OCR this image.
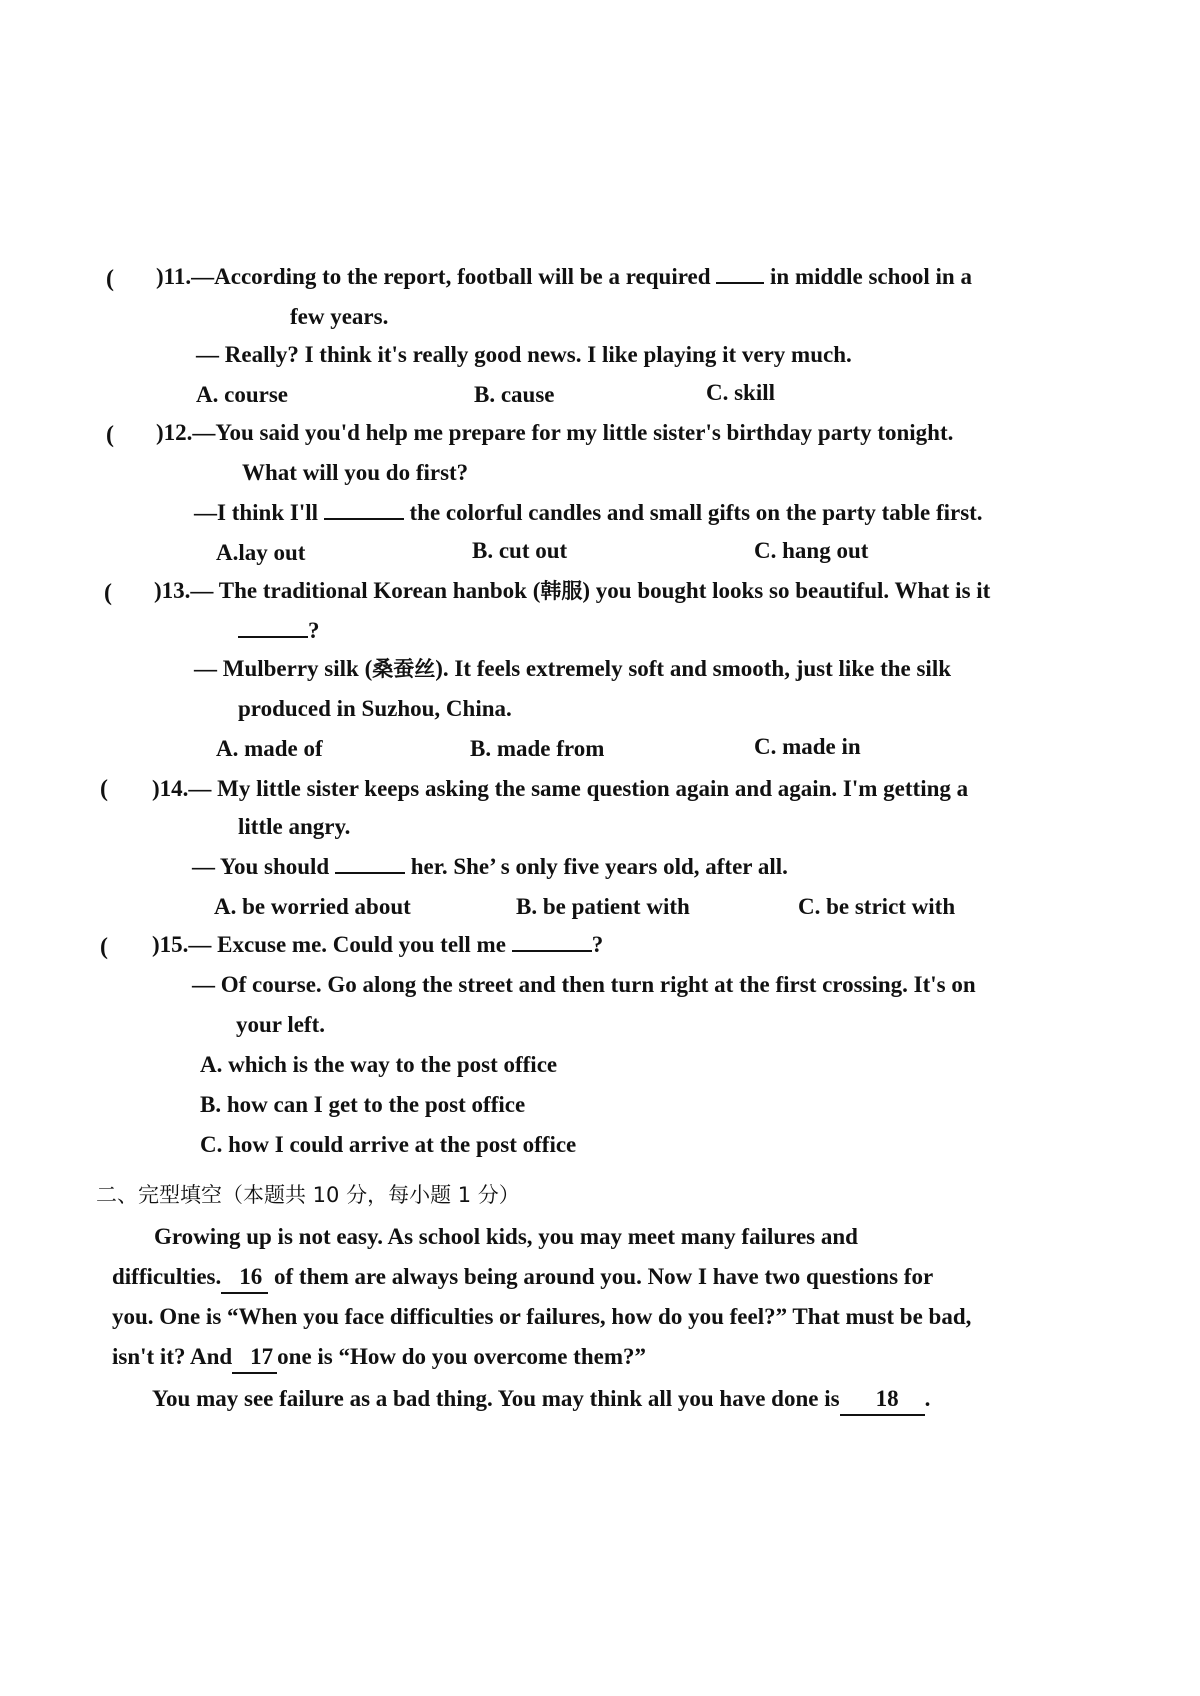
( )11.—According to the report, football will be a required	in middle school in a
few years.
— Really? I think it's really good news. I like playing it very much.
A. course	B. cause	C. skill
( )12.—You said you'd help me prepare for my little sister's birthday party tonight.
What will you do first?
—I think I'll	the colorful candles and small gifts on the party table first.
A.lay out	B. cut out	C. hang out
( )13.— The traditional Korean hanbok (韩服) you bought looks so beautiful. What is it
?
— Mulberry silk (桑蚕丝). It feels extremely soft and smooth, just like the silk
produced in Suzhou, China.
A. made of	B. made from	C. made in
( )14.— My little sister keeps asking the same question again and again. I'm getting a
little angry.
— You should	her. She’ s only five years old, after all.
A. be worried about	B. be patient with	C. be strict with
( )15.— Excuse me. Could you tell me	?
— Of course. Go along the street and then turn right at the first crossing. It's on
your left.
A. which is the way to the post office
B. how can I get to the post office
C. how I could arrive at the post office
二、完型填空（本题共 10 分，每小题 1 分）
Growing up is not easy. As school kids, you may meet many failures and
difficulties. 16 of them are always being around you. Now I have two questions for
you. One is “When you face difficulties or failures, how do you feel?” That must be bad,
isn't it? And 17 one is “How do you overcome them?”
You may see failure as a bad thing. You may think all you have done is 18 .
